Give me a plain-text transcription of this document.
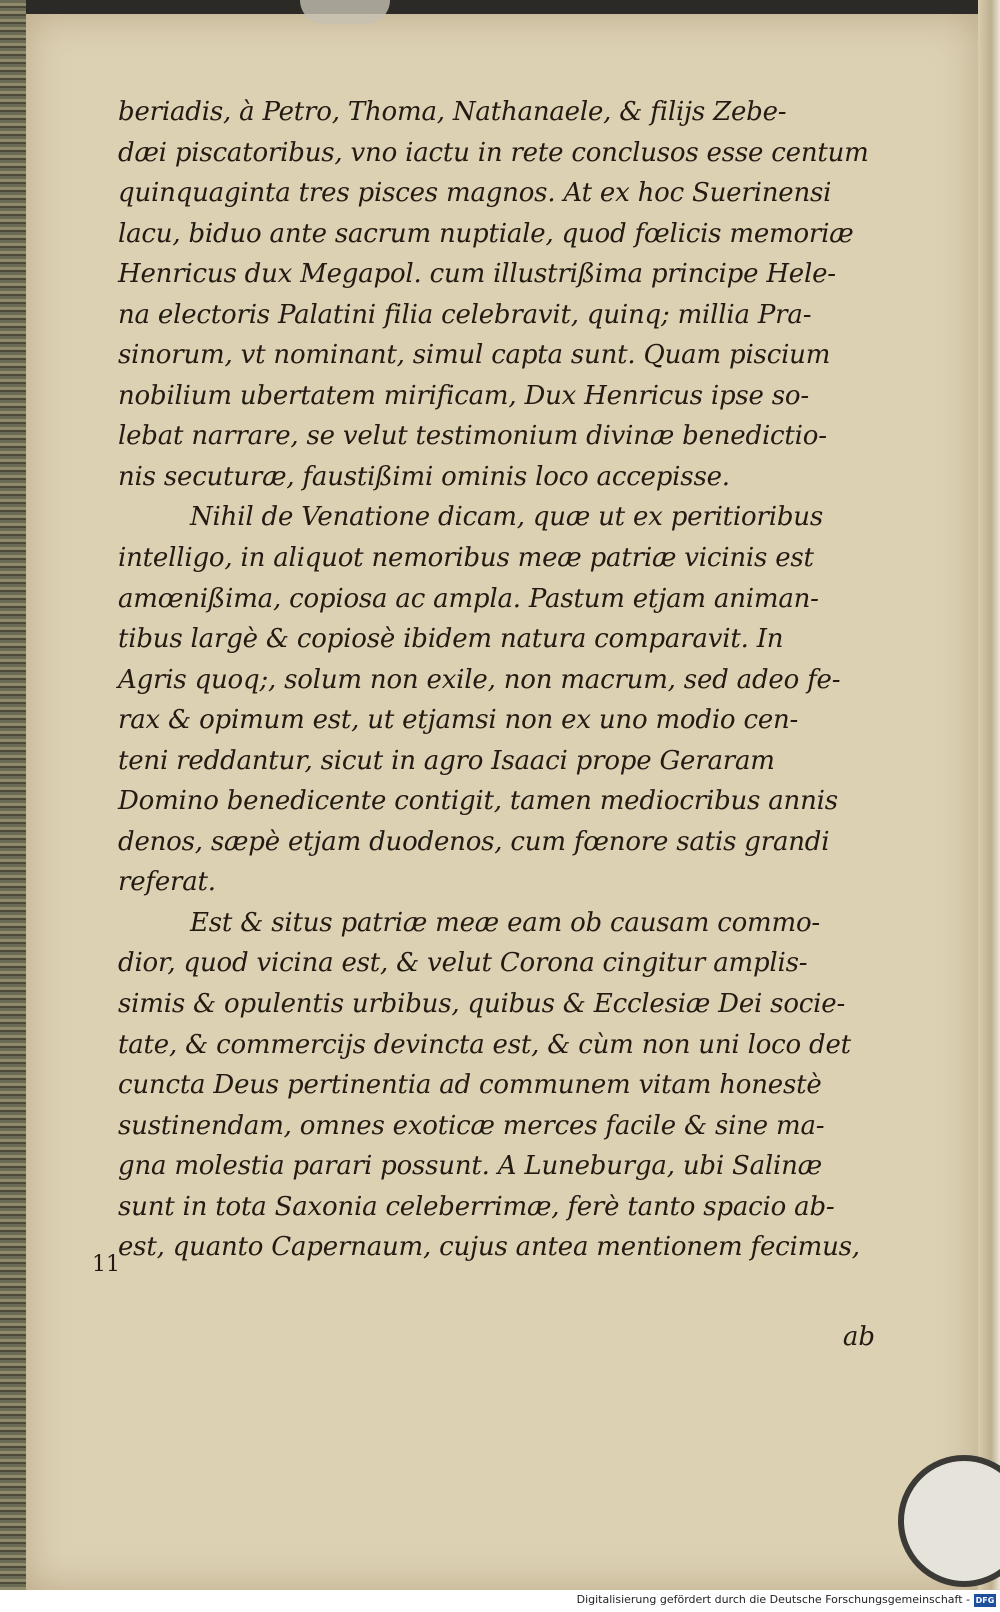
beriadis, à Petro, Thoma, Nathanaele, & filijs Zebe-
dæi piscatoribus, vno iactu in rete conclusos esse centum
quinquaginta tres pisces magnos. At ex hoc Suerinensi
lacu, biduo ante sacrum nuptiale, quod fœlicis memoriæ
Henricus dux Megapol. cum illustrißima principe Hele-
na electoris Palatini filia celebravit, quinq; millia Pra-
sinorum, vt nominant, simul capta sunt. Quam piscium
nobilium ubertatem mirificam, Dux Henricus ipse so-
lebat narrare, se velut testimonium divinæ benedictio-
nis secuturæ, faustißimi ominis loco accepisse.
Nihil de Venatione dicam, quæ ut ex peritioribus
intelligo, in aliquot nemoribus meæ patriæ vicinis est
amœnißima, copiosa ac ampla. Pastum etjam animan-
tibus largè & copiosè ibidem natura comparavit. In
Agris quoq;, solum non exile, non macrum, sed adeo fe-
rax & opimum est, ut etjamsi non ex uno modio cen-
teni reddantur, sicut in agro Isaaci prope Geraram
Domino benedicente contigit, tamen mediocribus annis
denos, sæpè etjam duodenos, cum fœnore satis grandi
referat.
Est & situs patriæ meæ eam ob causam commo-
dior, quod vicina est, & velut Corona cingitur amplis-
simis & opulentis urbibus, quibus & Ecclesiæ Dei socie-
tate, & commercijs devincta est, & cùm non uni loco det
cuncta Deus pertinentia ad communem vitam honestè
sustinendam, omnes exoticæ merces facile & sine ma-
gna molestia parari possunt. A Luneburga, ubi Salinæ
sunt in tota Saxonia celeberrimæ, ferè tanto spacio ab-
est, quanto Capernaum, cujus antea mentionem fecimus,
11
ab
Digitalisierung gefördert durch die Deutsche Forschungsgemeinschaft - DFG
